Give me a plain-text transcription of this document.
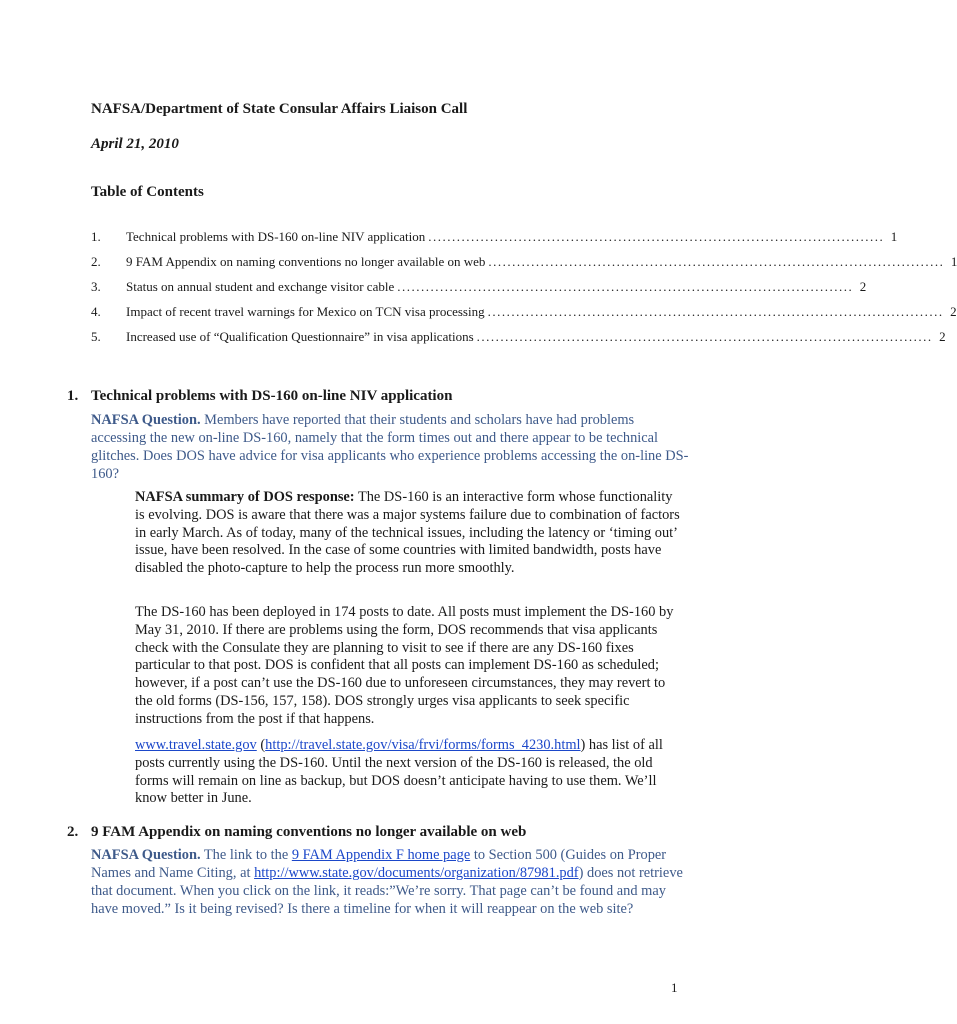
NAFSA/Department of State Consular Affairs Liaison Call
April 21, 2010
Table of Contents
1.	Technical problems with DS-160 on-line NIV application ................................................................................................ 1
2.	9 FAM Appendix on naming conventions no longer available on web ................................................................................................ 1
3.	Status on annual student and exchange visitor cable ................................................................................................ 2
4.	Impact of recent travel warnings for Mexico on TCN visa processing ................................................................................................ 2
5.	Increased use of “Qualification Questionnaire” in visa applications ................................................................................................ 2
1. Technical problems with DS-160 on-line NIV application

NAFSA Question. Members have reported that their students and scholars have had problems accessing the new on-line DS-160, namely that the form times out and there appear to be technical glitches. Does DOS have advice for visa applicants who experience problems accessing the on-line DS-160?

NAFSA summary of DOS response: The DS-160 is an interactive form whose functionality is evolving. DOS is aware that there was a major systems failure due to combination of factors in early March. As of today, many of the technical issues, including the latency or ‘timing out’ issue, have been resolved. In the case of some countries with limited bandwidth, posts have disabled the photo-capture to help the process run more smoothly.

The DS-160 has been deployed in 174 posts to date. All posts must implement the DS-160 by May 31, 2010. If there are problems using the form, DOS recommends that visa applicants check with the Consulate they are planning to visit to see if there are any DS-160 fixes particular to that post. DOS is confident that all posts can implement DS-160 as scheduled; however, if a post can’t use the DS-160 due to unforeseen circumstances, they may revert to the old forms (DS-156, 157, 158). DOS strongly urges visa applicants to seek specific instructions from the post if that happens.

www.travel.state.gov (http://travel.state.gov/visa/frvi/forms/forms_4230.html) has list of all posts currently using the DS-160. Until the next version of the DS-160 is released, the old forms will remain on line as backup, but DOS doesn’t anticipate having to use them. We’ll know better in June.

2. 9 FAM Appendix on naming conventions no longer available on web

NAFSA Question. The link to the 9 FAM Appendix F home page to Section 500 (Guides on Proper Names and Name Citing, at http://www.state.gov/documents/organization/87981.pdf) does not retrieve that document. When you click on the link, it reads:”We’re sorry. That page can’t be found and may have moved.” Is it being revised? Is there a timeline for when it will reappear on the web site?

1
